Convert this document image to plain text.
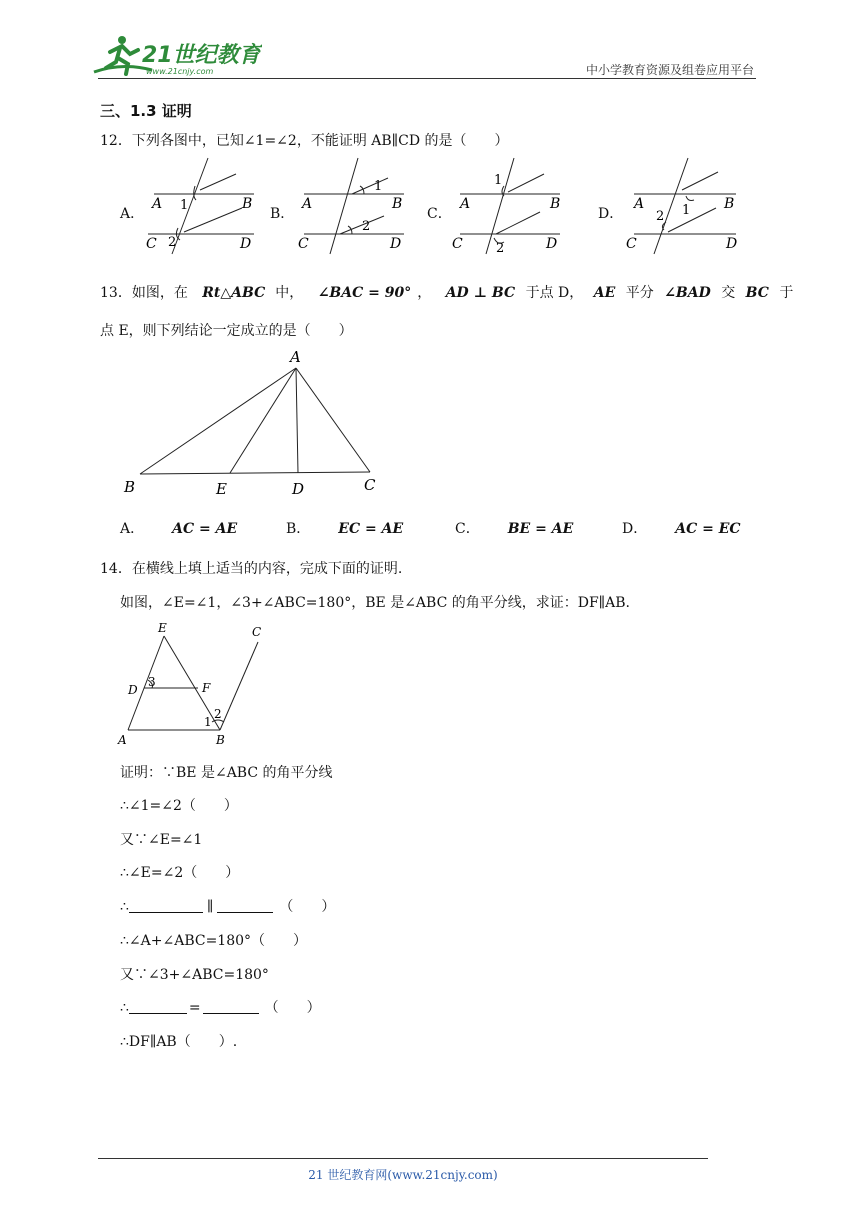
21世纪教育
www.21cnjy.com	中小学教育资源及组卷应用平台
三、1.3 证明
12．下列各图中，已知∠1=∠2，不能证明 AB∥CD 的是（　　）
A．
A	B
C	D
1
2
B．
A	B
C	D
1
2
C．
A	B
C	D
1
2
D．
A	B
C	D
1
2
13．如图，在 Rt△ABC 中， ∠BAC = 90° ， AD ⊥ BC 于点 D， AE 平分 ∠BAD 交 BC 于
点 E，则下列结论一定成立的是（　　）
A
B	E	D	C
A． AC = AE	B． EC = AE	C． BE = AE	D． AC = EC
14．在横线上填上适当的内容，完成下面的证明.
如图，∠E=∠1，∠3+∠ABC=180°，BE 是∠ABC 的角平分线，求证：DF∥AB.
E	C
D
3	F
2
1
A	B
证明：∵BE 是∠ABC 的角平分线
∴∠1=∠2（　　）
又∵∠E=∠1
∴∠E=∠2（　　）
∴	∥	（　　）
∴∠A+∠ABC=180°（　　）
又∵∠3+∠ABC=180°
∴	=	（　　）
∴DF∥AB（　　）.
21 世纪教育网(www.21cnjy.com)
